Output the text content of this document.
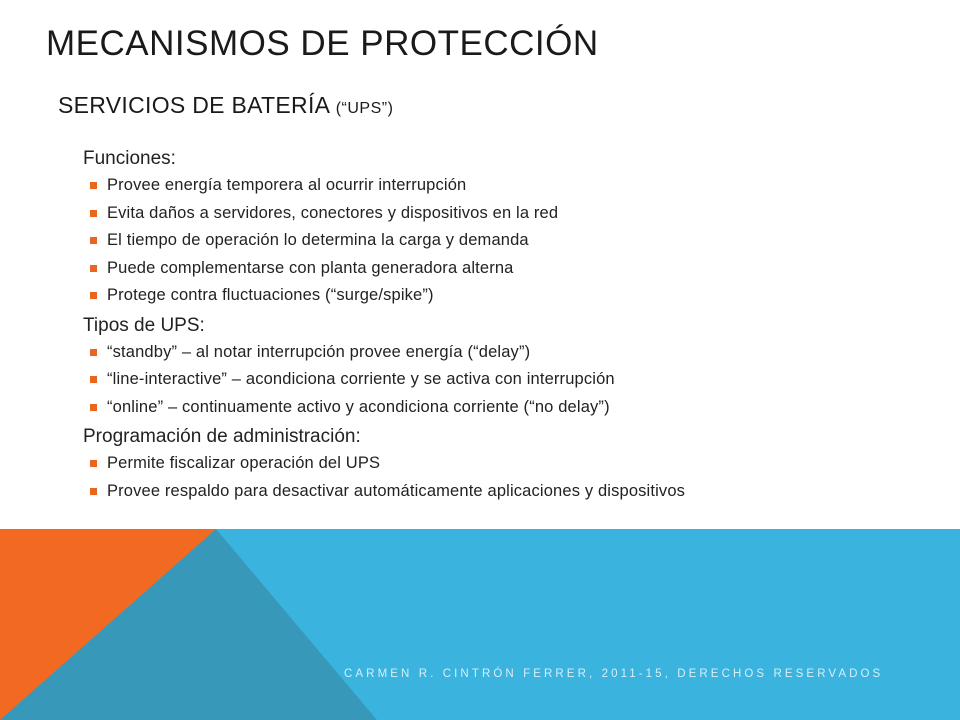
MECANISMOS DE PROTECCIÓN
SERVICIOS DE BATERÍA (“UPS”)

Funciones:

Provee energía temporera al ocurrir interrupción
Evita daños a servidores, conectores y dispositivos en la red
El tiempo de operación lo determina la carga y demanda
Puede complementarse con planta generadora alterna
Protege contra fluctuaciones (“surge/spike”)

Tipos de UPS:

“standby” – al notar interrupción provee energía (“delay”)
“line-interactive” – acondiciona corriente y se activa con interrupción
“online” – continuamente activo y acondiciona corriente (“no delay”)

Programación de administración:

Permite fiscalizar operación del UPS
Provee respaldo para desactivar automáticamente aplicaciones y dispositivos
CARMEN R. CINTRÓN FERRER, 2011-15, DERECHOS RESERVADOS
